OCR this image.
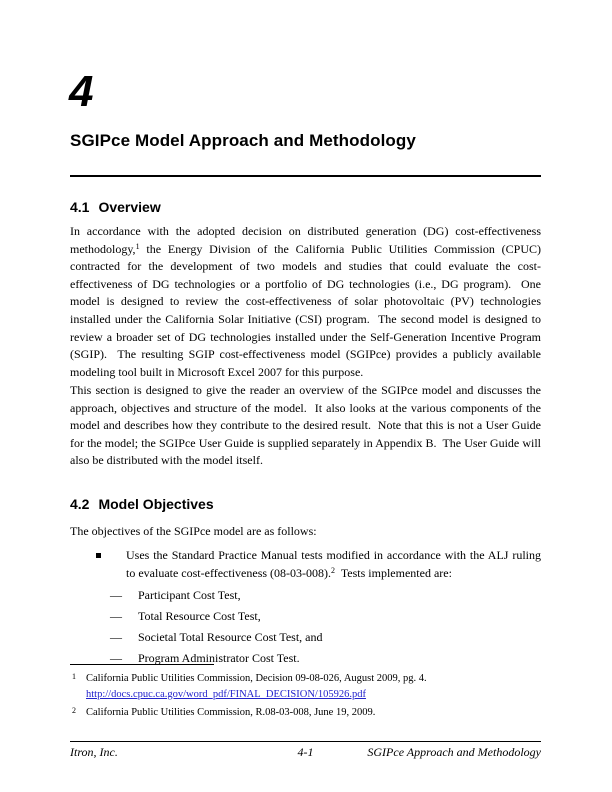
4
SGIPce Model Approach and Methodology
4.1 Overview
In accordance with the adopted decision on distributed generation (DG) cost-effectiveness methodology,$^1$ the Energy Division of the California Public Utilities Commission (CPUC) contracted for the development of two models and studies that could evaluate the cost-effectiveness of DG technologies or a portfolio of DG technologies (i.e., DG program).  One model is designed to review the cost-effectiveness of solar photovoltaic (PV) technologies installed under the California Solar Initiative (CSI) program.  The second model is designed to review a broader set of DG technologies installed under the Self-Generation Incentive Program (SGIP).  The resulting SGIP cost-effectiveness model (SGIPce) provides a publicly available modeling tool built in Microsoft Excel 2007 for this purpose.
This section is designed to give the reader an overview of the SGIPce model and discusses the approach, objectives and structure of the model.  It also looks at the various components of the model and describes how they contribute to the desired result.  Note that this is not a User Guide for the model; the SGIPce User Guide is supplied separately in Appendix B.  The User Guide will also be distributed with the model itself.
4.2 Model Objectives
The objectives of the SGIPce model are as follows:
Uses the Standard Practice Manual tests modified in accordance with the ALJ ruling to evaluate cost-effectiveness (08-03-008).$^2$  Tests implemented are:
—	Participant Cost Test,
—	Total Resource Cost Test,
—	Societal Total Resource Cost Test, and
—	Program Administrator Cost Test.
1 California Public Utilities Commission, Decision 09-08-026, August 2009, pg. 4. http://docs.cpuc.ca.gov/word_pdf/FINAL_DECISION/105926.pdf
2 California Public Utilities Commission, R.08-03-008, June 19, 2009.
Itron, Inc.	4-1	SGIPce Approach and Methodology
